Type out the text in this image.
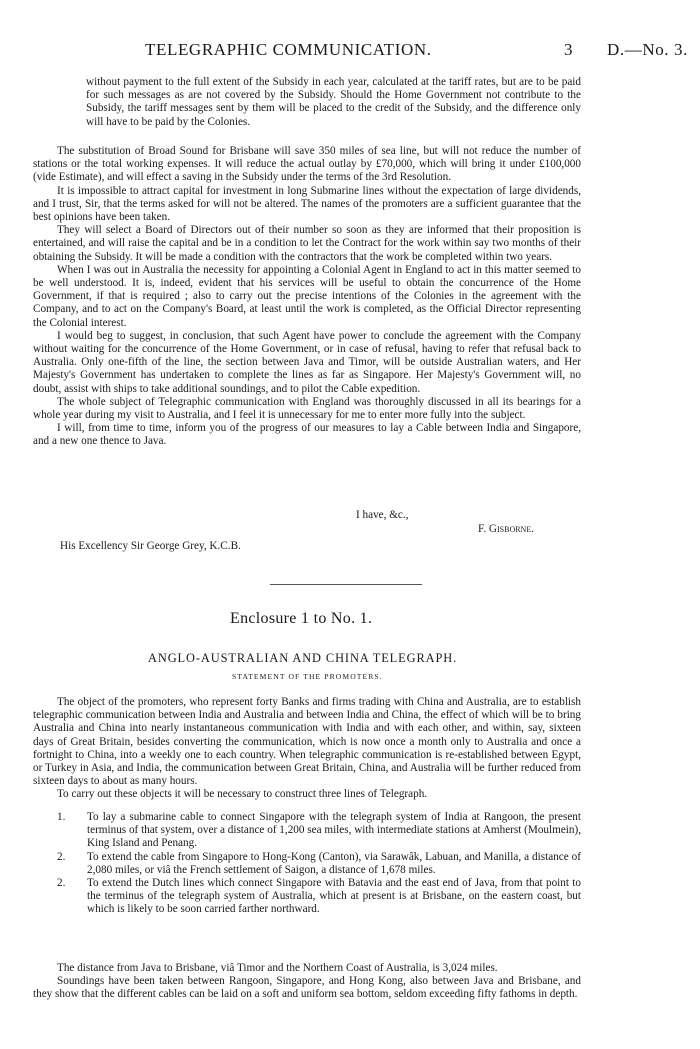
TELEGRAPHIC COMMUNICATION.	3 D.—No. 3.
without payment to the full extent of the Subsidy in each year, calculated at the tariff rates, but are to be paid for such messages as are not covered by the Subsidy. Should the Home Government not contribute to the Subsidy, the tariff messages sent by them will be placed to the credit of the Subsidy, and the difference only will have to be paid by the Colonies.

The substitution of Broad Sound for Brisbane will save 350 miles of sea line, but will not reduce the number of stations or the total working expenses. It will reduce the actual outlay by £70,000, which will bring it under £100,000 (vide Estimate), and will effect a saving in the Subsidy under the terms of the 3rd Resolution.

It is impossible to attract capital for investment in long Submarine lines without the expectation of large dividends, and I trust, Sir, that the terms asked for will not be altered. The names of the promoters are a sufficient guarantee that the best opinions have been taken.

They will select a Board of Directors out of their number so soon as they are informed that their proposition is entertained, and will raise the capital and be in a condition to let the Contract for the work within say two months of their obtaining the Subsidy. It will be made a condition with the contractors that the work be completed within two years.

When I was out in Australia the necessity for appointing a Colonial Agent in England to act in this matter seemed to be well understood. It is, indeed, evident that his services will be useful to obtain the concurrence of the Home Government, if that is required ; also to carry out the precise intentions of the Colonies in the agreement with the Company, and to act on the Company's Board, at least until the work is completed, as the Official Director representing the Colonial interest.

I would beg to suggest, in conclusion, that such Agent have power to conclude the agreement with the Company without waiting for the concurrence of the Home Government, or in case of refusal, having to refer that refusal back to Australia. Only one-fifth of the line, the section between Java and Timor, will be outside Australian waters, and Her Majesty's Government has undertaken to complete the lines as far as Singapore. Her Majesty's Government will, no doubt, assist with ships to take additional soundings, and to pilot the Cable expedition.

The whole subject of Telegraphic communication with England was thoroughly discussed in all its bearings for a whole year during my visit to Australia, and I feel it is unnecessary for me to enter more fully into the subject.

I will, from time to time, inform you of the progress of our measures to lay a Cable between India and Singapore, and a new one thence to Java.

I have, &c.,
F. Gisborne.
His Excellency Sir George Grey, K.C.B.
Enclosure 1 to No. 1.
ANGLO-AUSTRALIAN AND CHINA TELEGRAPH.
STATEMENT OF THE PROMOTERS.

The object of the promoters, who represent forty Banks and firms trading with China and Australia, are to establish telegraphic communication between India and Australia and between India and China, the effect of which will be to bring Australia and China into nearly instantaneous communication with India and with each other, and within, say, sixteen days of Great Britain, besides converting the communication, which is now once a month only to Australia and once a fortnight to China, into a weekly one to each country. When telegraphic communication is re-established between Egypt, or Turkey in Asia, and India, the communication between Great Britain, China, and Australia will be further reduced from sixteen days to about as many hours.

To carry out these objects it will be necessary to construct three lines of Telegraph.

1. To lay a submarine cable to connect Singapore with the telegraph system of India at Rangoon, the present terminus of that system, over a distance of 1,200 sea miles, with intermediate stations at Amherst (Moulmein), King Island and Penang.
2. To extend the cable from Singapore to Hong-Kong (Canton), via Sarawâk, Labuan, and Manilla, a distance of 2,080 miles, or viâ the French settlement of Saigon, a distance of 1,678 miles.
2. To extend the Dutch lines which connect Singapore with Batavia and the east end of Java, from that point to the terminus of the telegraph system of Australia, which at present is at Brisbane, on the eastern coast, but which is likely to be soon carried farther northward.

The distance from Java to Brisbane, viâ Timor and the Northern Coast of Australia, is 3,024 miles.

Soundings have been taken between Rangoon, Singapore, and Hong Kong, also between Java and Brisbane, and they show that the different cables can be laid on a soft and uniform sea bottom, seldom exceeding fifty fathoms in depth.
